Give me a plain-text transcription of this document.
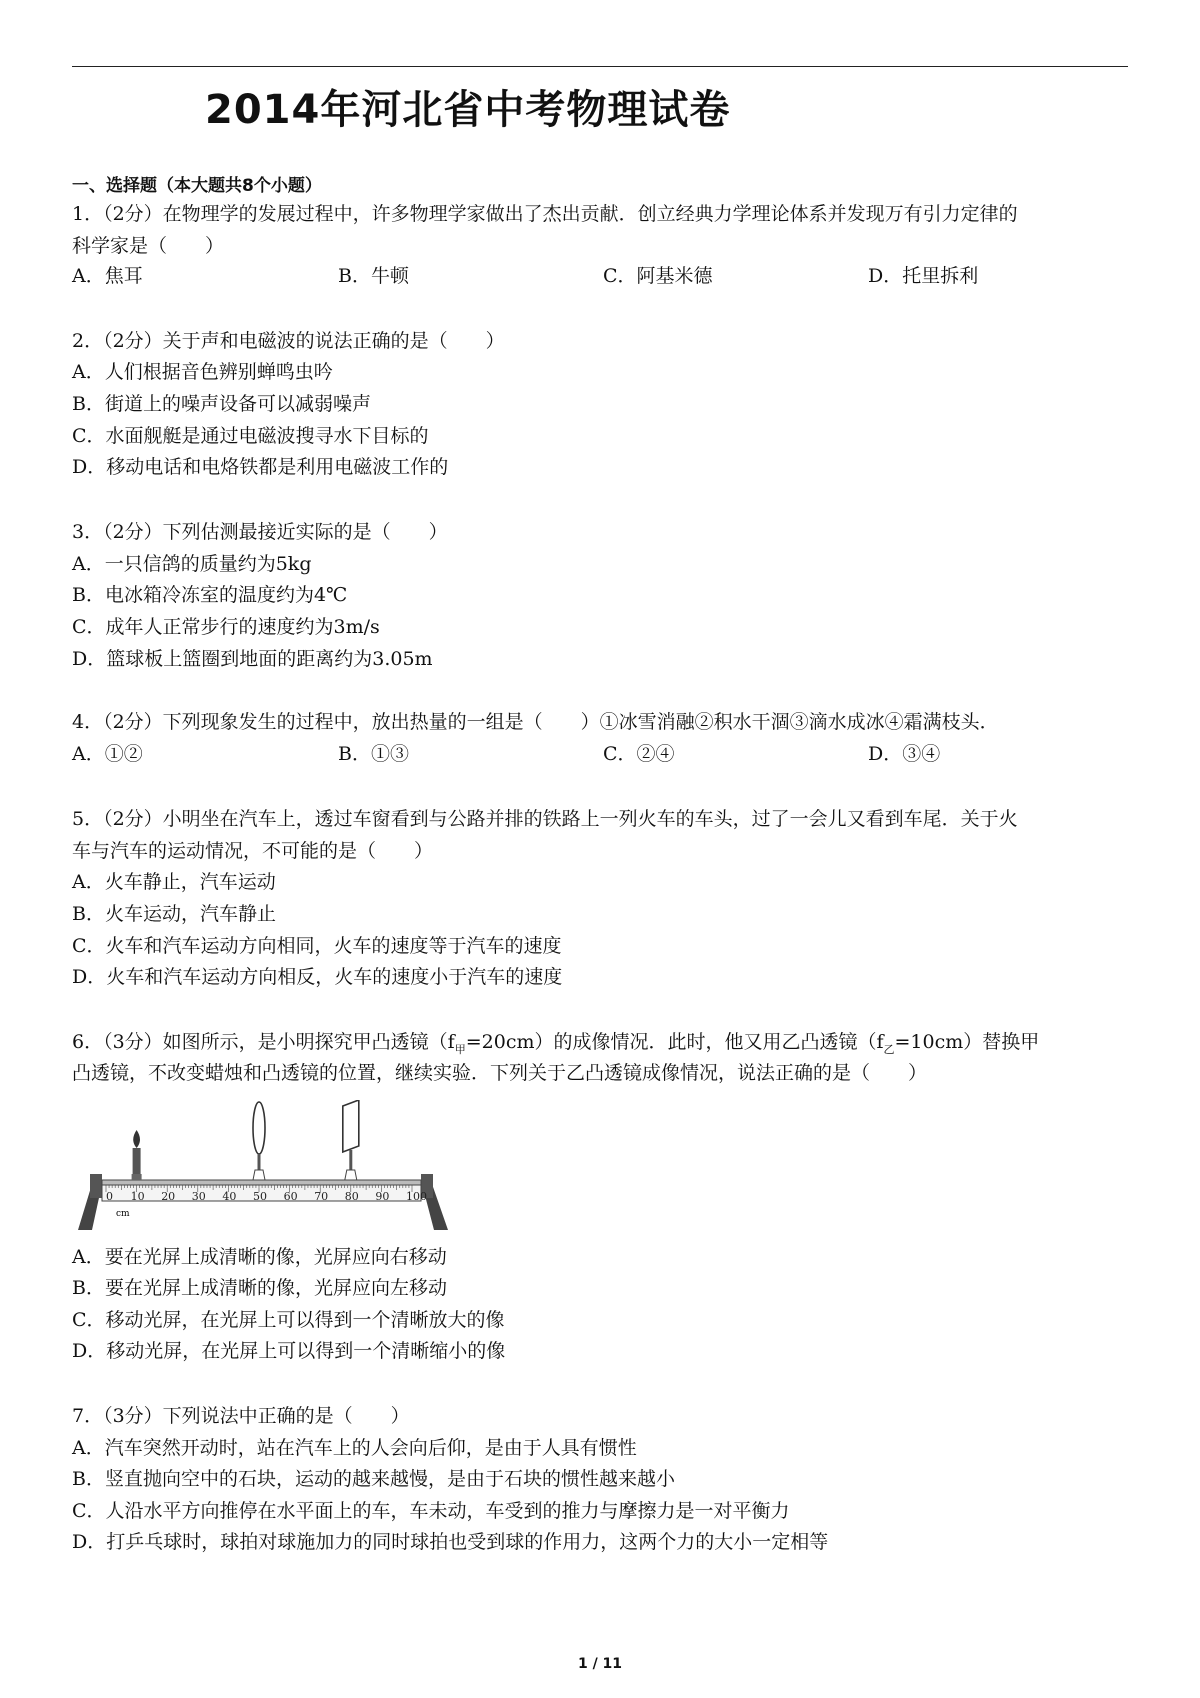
2014年河北省中考物理试卷
一、选择题（本大题共8个小题）
1．（2分）在物理学的发展过程中，许多物理学家做出了杰出贡献．创立经典力学理论体系并发现万有引力定律的
科学家是（　　）
A．焦耳	B．牛顿	C．阿基米德	D．托里拆利
2．（2分）关于声和电磁波的说法正确的是（　　）
A．人们根据音色辨别蝉鸣虫吟
B．街道上的噪声设备可以减弱噪声
C．水面舰艇是通过电磁波搜寻水下目标的
D．移动电话和电烙铁都是利用电磁波工作的
3．（2分）下列估测最接近实际的是（　　）
A．一只信鸽的质量约为5kg
B．电冰箱冷冻室的温度约为4℃
C．成年人正常步行的速度约为3m/s
D．篮球板上篮圈到地面的距离约为3.05m
4．（2分）下列现象发生的过程中，放出热量的一组是（　　）①冰雪消融②积水干涸③滴水成冰④霜满枝头．
A．①②	B．①③	C．②④	D．③④
5．（2分）小明坐在汽车上，透过车窗看到与公路并排的铁路上一列火车的车头，过了一会儿又看到车尾．关于火
车与汽车的运动情况，不可能的是（　　）
A．火车静止，汽车运动
B．火车运动，汽车静止
C．火车和汽车运动方向相同，火车的速度等于汽车的速度
D．火车和汽车运动方向相反，火车的速度小于汽车的速度
6．（3分）如图所示，是小明探究甲凸透镜$(f_甲=20cm)$的成像情况．此时，他又用乙凸透镜$(f_乙=10cm)$替换甲
凸透镜，不改变蜡烛和凸透镜的位置，继续实验．下列关于乙凸透镜成像情况，说法正确的是（　　）
0 10 20 30 40 50 60 70 80 90 100
cm
A．要在光屏上成清晰的像，光屏应向右移动
B．要在光屏上成清晰的像，光屏应向左移动
C．移动光屏，在光屏上可以得到一个清晰放大的像
D．移动光屏，在光屏上可以得到一个清晰缩小的像
7．（3分）下列说法中正确的是（　　）
A．汽车突然开动时，站在汽车上的人会向后仰，是由于人具有惯性
B．竖直抛向空中的石块，运动的越来越慢，是由于石块的惯性越来越小
C．人沿水平方向推停在水平面上的车，车未动，车受到的推力与摩擦力是一对平衡力
D．打乒乓球时，球拍对球施加力的同时球拍也受到球的作用力，这两个力的大小一定相等
1 / 11
